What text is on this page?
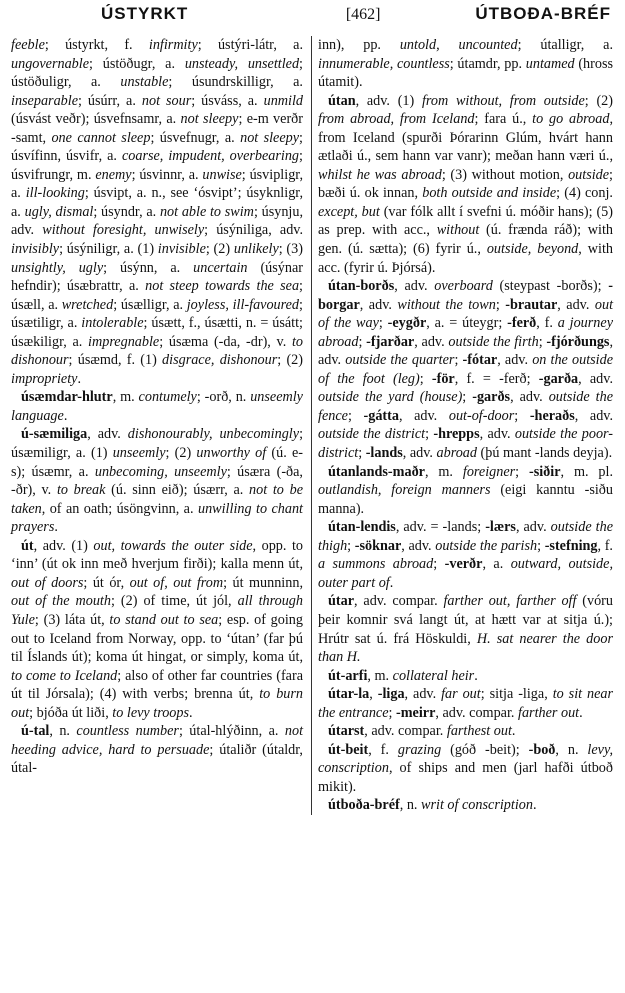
ÚSTYRKT	[462]	ÚTBOÐA-BRÉF

feeble; ústyrkt, f. infirmity; ústýri-látr, a. ungovernable; ústöðugr, a. unsteady, unsettled; ústöðuligr, a. unstable; úsundrskilligr, a. inseparable; úsúrr, a. not sour; úsváss, a. unmild (úsvást veðr); úsvefnsamr, a. not sleepy; e-m verðr -samt, one cannot sleep; úsvefnugr, a. not sleepy; úsvífinn, úsvifr, a. coarse, impudent, overbearing; úsvifrungr, m. enemy; úsvinnr, a. unwise; úsvipligr, a. ill-looking; úsvipt, a. n., see ‘ósvipt’; úsyknligr, a. ugly, dismal; úsyndr, a. not able to swim; úsynju, adv. without foresight, unwisely; úsýniliga, adv. invisibly; úsýniligr, a. (1) invisible; (2) unlikely; (3) unsightly, ugly; úsýnn, a. uncertain (úsýnar hefndir); úsæbrattr, a. not steep towards the sea; úsæll, a. wretched; úsælligr, a. joyless, ill-favoured; úsætiligr, a. intolerable; úsætt, f., úsætti, n. = úsátt; úsækiligr, a. impregnable; úsæma (-da, -dr), v. to dishonour; úsæmd, f. (1) disgrace, dishonour; (2) impropriety.

úsæmdar-hlutr, m. contumely; -orð, n. unseemly language.

ú-sæmiliga, adv. dishonourably, unbecomingly; úsæmiligr, a. (1) unseemly; (2) unworthy of (ú. e-s); úsæmr, a. unbecoming, unseemly; úsæra (-ða, -ðr), v. to break (ú. sinn eið); úsærr, a. not to be taken, of an oath; úsöngvinn, a. unwilling to chant prayers.

út, adv. (1) out, towards the outer side, opp. to ‘inn’ (út ok inn með hverjum firði); kalla menn út, out of doors; út ór, out of, out from; út munninn, out of the mouth; (2) of time, út jól, all through Yule; (3) láta út, to stand out to sea; esp. of going out to Iceland from Norway, opp. to ‘útan’ (far þú til Íslands út); koma út hingat, or simply, koma út, to come to Iceland; also of other far countries (fara út til Jórsala); (4) with verbs; brenna út, to burn out; bjóða út liði, to levy troops.

ú-tal, n. countless number; útal-hlýðinn, a. not heeding advice, hard to persuade; útaliðr (útaldr, útal-

inn), pp. untold, uncounted; útalligr, a. innumerable, countless; útamdr, pp. untamed (hross útamit).

útan, adv. (1) from without, from outside; (2) from abroad, from Iceland; fara ú., to go abroad, from Iceland (spurði Þórarinn Glúm, hvárt hann ætlaði ú., sem hann var vanr); meðan hann væri ú., whilst he was abroad; (3) without motion, outside; bæði ú. ok innan, both outside and inside; (4) conj. except, but (var fólk allt í svefni ú. móðir hans); (5) as prep. with acc., without (ú. frænda ráð); with gen. (ú. sætta); (6) fyrir ú., outside, beyond, with acc. (fyrir ú. Þjórsá).

útan-borðs, adv. overboard (steypast -borðs); -borgar, adv. without the town; -brautar, adv. out of the way; -eygðr, a. = úteygr; -ferð, f. a journey abroad; -fjarðar, adv. outside the firth; -fjórðungs, adv. outside the quarter; -fótar, adv. on the outside of the foot (leg); -för, f. = -ferð; -garða, adv. outside the yard (house); -garðs, adv. outside the fence; -gátta, adv. out-of-door; -heraðs, adv. outside the district; -hrepps, adv. outside the poor-district; -lands, adv. abroad (þú mant -lands deyja).

útanlands-maðr, m. foreigner; -siðir, m. pl. outlandish, foreign manners (eigi kanntu -siðu manna).

útan-lendis, adv. = -lands; -lærs, adv. outside the thigh; -söknar, adv. outside the parish; -stefning, f. a summons abroad; -verðr, a. outward, outside, outer part of.

útar, adv. compar. farther out, farther off (vóru þeir komnir svá langt út, at hætt var at sitja ú.); Hrútr sat ú. frá Höskuldi, H. sat nearer the door than H.

út-arfi, m. collateral heir.

útar-la, -liga, adv. far out; sitja -liga, to sit near the entrance; -meirr, adv. compar. farther out.

útarst, adv. compar. farthest out.

út-beit, f. grazing (góð -beit); -boð, n. levy, conscription, of ships and men (jarl hafði útboð mikit).

útboða-bréf, n. writ of conscription.
